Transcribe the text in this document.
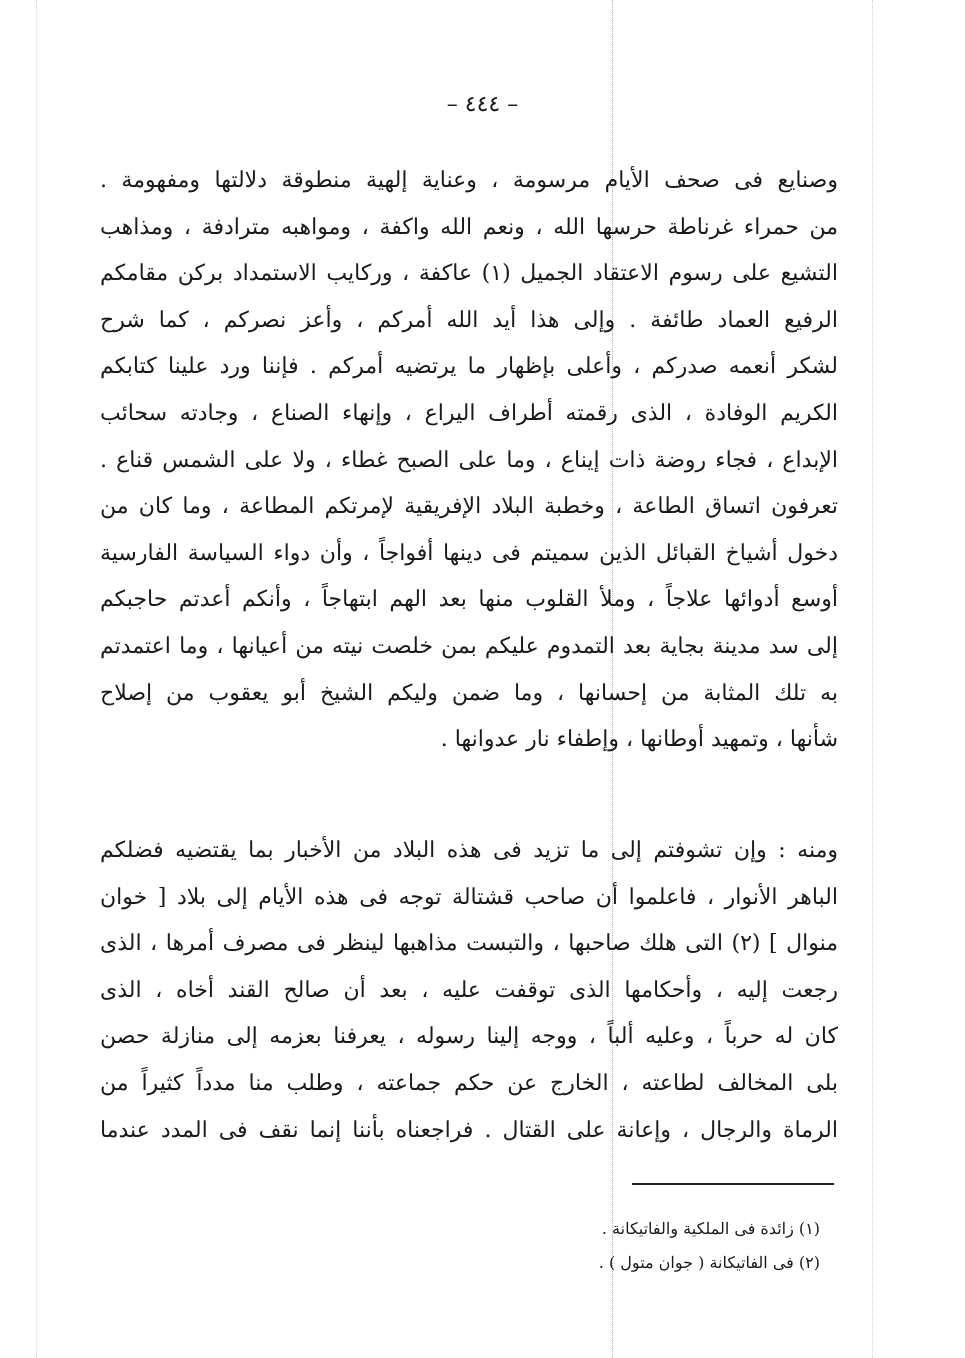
– ٤٤٤ –
وصنايع فى صحف الأيام مرسومة ، وعناية إلهية منطوقة دلالتها ومفهومة .
من حمراء غرناطة حرسها الله ، ونعم الله واكفة ، ومواهبه مترادفة ، ومذاهب
التشيع على رسوم الاعتقاد الجميل (١) عاكفة ، وركايب الاستمداد بركن مقامكم
الرفيع العماد طائفة . وإلى هذا أيد الله أمركم ، وأعز نصركم ، كما شرح
لشكر أنعمه صدركم ، وأعلى بإظهار ما يرتضيه أمركم . فإننا ورد علينا كتابكم
الكريم الوفادة ، الذى رقمته أطراف اليراع ، وإنهاء الصناع ، وجادته سحائب
الإبداع ، فجاء روضة ذات إيناع ، وما على الصبح غطاء ، ولا على الشمس قناع .
تعرفون اتساق الطاعة ، وخطبة البلاد الإفريقية لإمرتكم المطاعة ، وما كان من
دخول أشياخ القبائل الذين سميتم فى دينها أفواجاً ، وأن دواء السياسة الفارسية
أوسع أدوائها علاجاً ، وملأ القلوب منها بعد الهم ابتهاجاً ، وأنكم أعدتم حاجبكم
إلى سد مدينة بجاية بعد التمدوم عليكم بمن خلصت نيته من أعيانها ، وما اعتمدتم
به تلك المثابة من إحسانها ، وما ضمن وليكم الشيخ أبو يعقوب من إصلاح
شأنها ، وتمهيد أوطانها ، وإطفاء نار عدوانها .
ومنه : وإن تشوفتم إلى ما تزيد فى هذه البلاد من الأخبار بما يقتضيه فضلكم
الباهر الأنوار ، فاعلموا أن صاحب قشتالة توجه فى هذه الأيام إلى بلاد [ خوان
منوال ] (٢) التى هلك صاحبها ، والتبست مذاهبها لينظر فى مصرف أمرها ، الذى
رجعت إليه ، وأحكامها الذى توقفت عليه ، بعد أن صالح القند أخاه ، الذى
كان له حرباً ، وعليه ألباً ، ووجه إلينا رسوله ، يعرفنا بعزمه إلى منازلة حصن
بلى المخالف لطاعته ، الخارج عن حكم جماعته ، وطلب منا مدداً كثيراً من
الرماة والرجال ، وإعانة على القتال . فراجعناه بأننا إنما نقف فى المدد عندما
(١) زائدة فى الملكية والفاتيكانة .
(٢) فى الفاتيكانة ( جوان متول ) .
